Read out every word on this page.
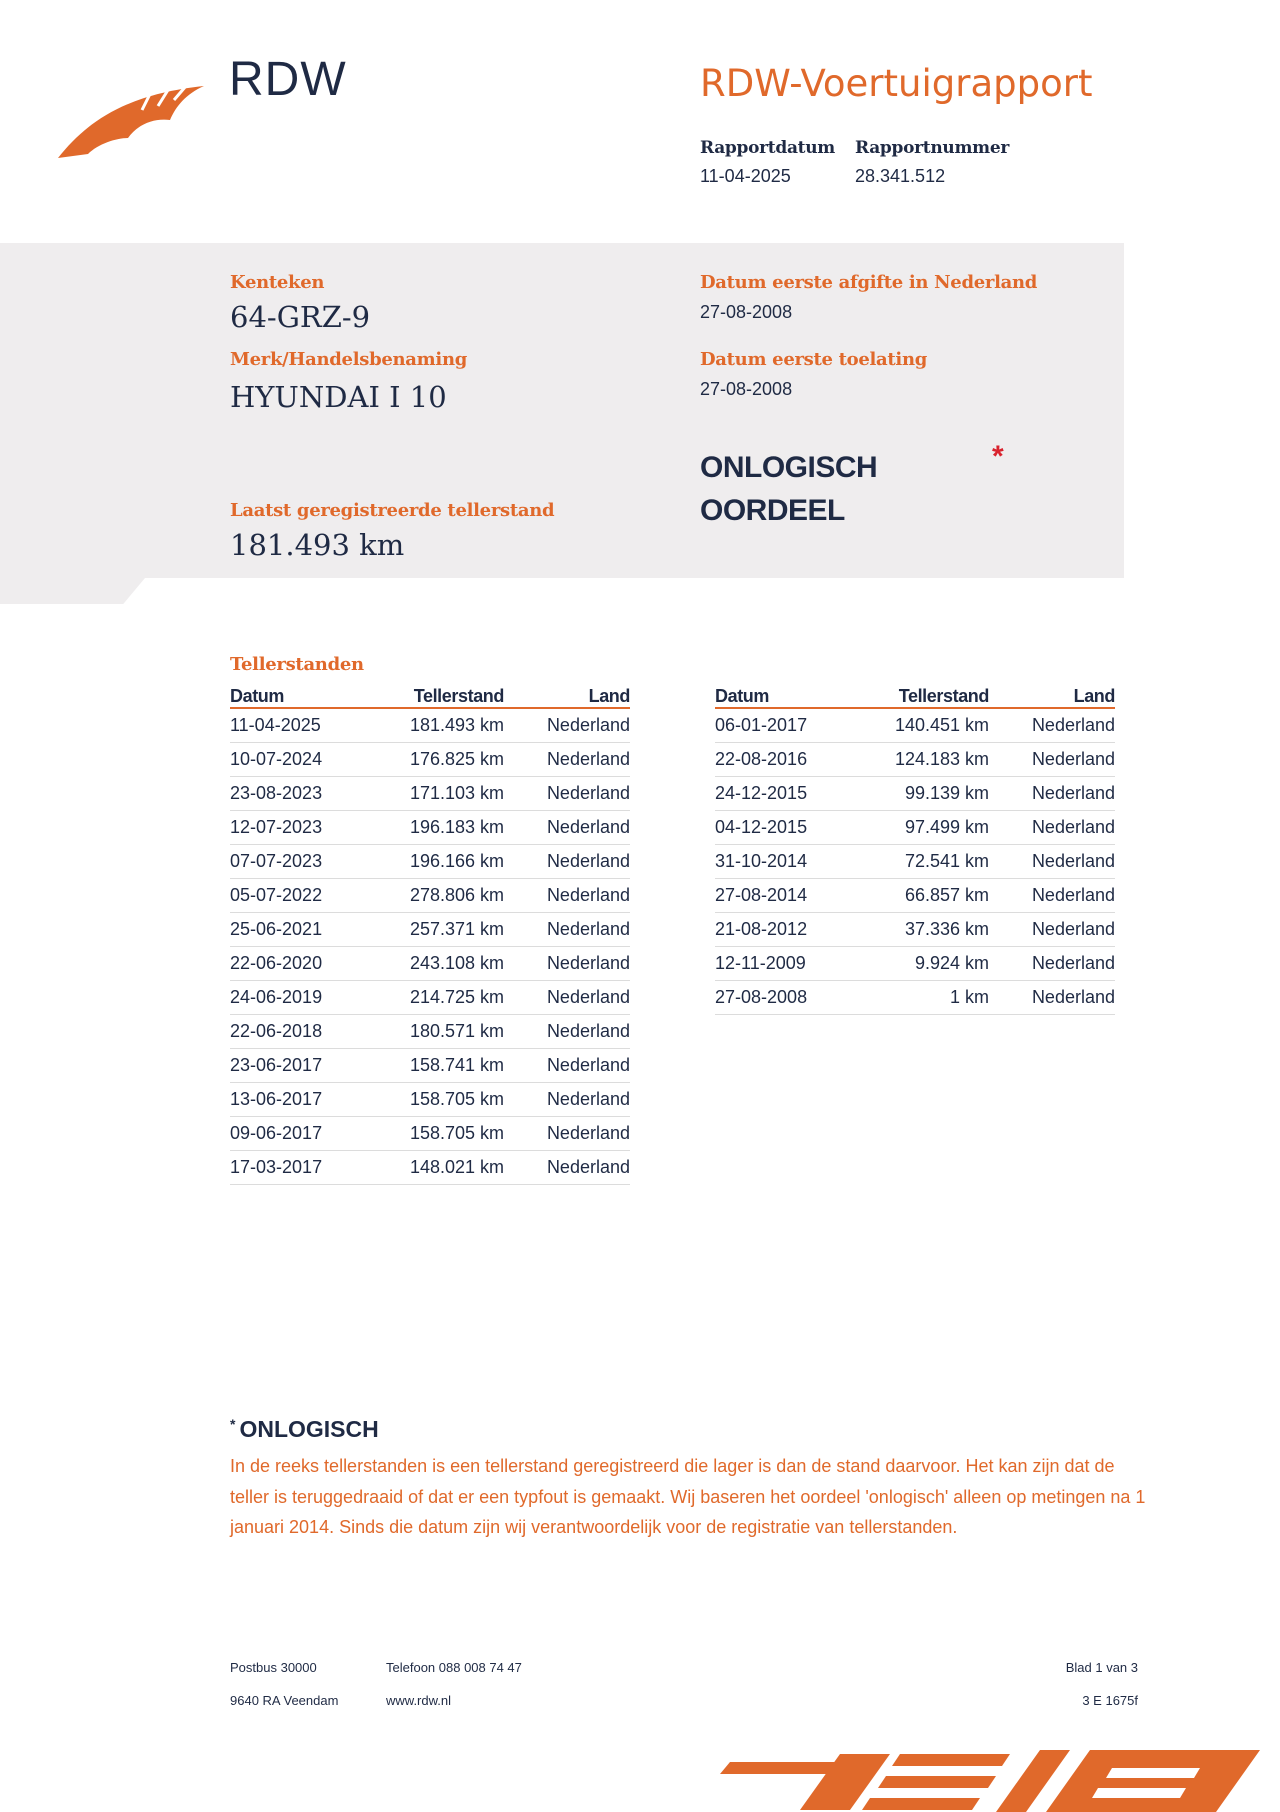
RDW	RDW-Voertuigrapport
Rapportdatum
11-04-2025
Rapportnummer
28.341.512
Kenteken
64-GRZ-9
Merk/Handelsbenaming
HYUNDAI I 10
Datum eerste afgifte in Nederland
27-08-2008
Datum eerste toelating
27-08-2008
ONLOGISCH
OORDEEL
*
Laatst geregistreerde tellerstand
181.493 km
Tellerstanden
Datum	Tellerstand	Land
11-04-2025	181.493 km	Nederland
10-07-2024	176.825 km	Nederland
23-08-2023	171.103 km	Nederland
12-07-2023	196.183 km	Nederland
07-07-2023	196.166 km	Nederland
05-07-2022	278.806 km	Nederland
25-06-2021	257.371 km	Nederland
22-06-2020	243.108 km	Nederland
24-06-2019	214.725 km	Nederland
22-06-2018	180.571 km	Nederland
23-06-2017	158.741 km	Nederland
13-06-2017	158.705 km	Nederland
09-06-2017	158.705 km	Nederland
17-03-2017	148.021 km	Nederland
Datum	Tellerstand	Land
06-01-2017	140.451 km	Nederland
22-08-2016	124.183 km	Nederland
24-12-2015	99.139 km	Nederland
04-12-2015	97.499 km	Nederland
31-10-2014	72.541 km	Nederland
27-08-2014	66.857 km	Nederland
21-08-2012	37.336 km	Nederland
12-11-2009	9.924 km	Nederland
27-08-2008	1 km	Nederland
* ONLOGISCH
In de reeks tellerstanden is een tellerstand geregistreerd die lager is dan de stand daarvoor. Het kan zijn dat de teller is teruggedraaid of dat er een typfout is gemaakt. Wij baseren het oordeel 'onlogisch' alleen op metingen na 1 januari 2014. Sinds die datum zijn wij verantwoordelijk voor de registratie van tellerstanden.
Postbus 30000
9640 RA Veendam
Telefoon 088 008 74 47
www.rdw.nl
Blad 1 van 3
3 E 1675f
